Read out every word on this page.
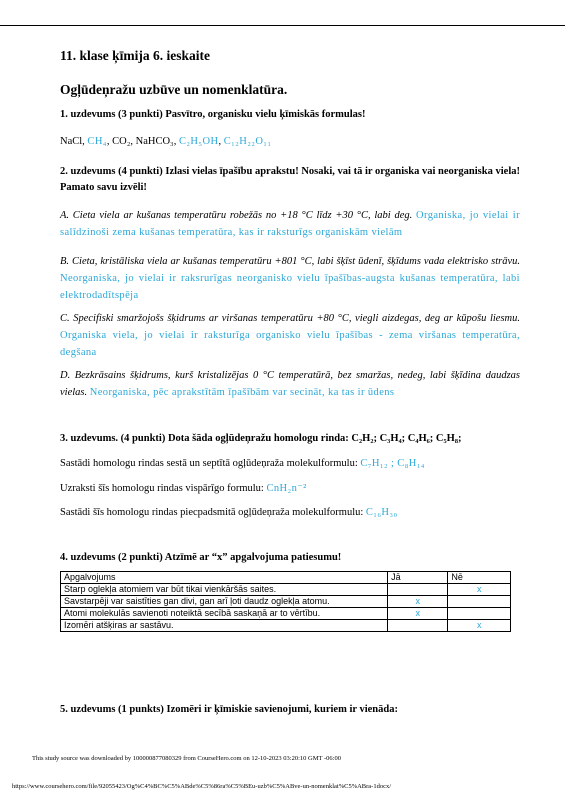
11. klase ķīmija 6. ieskaite
Ogļūdeņražu uzbūve un nomenklatūra.
1. uzdevums (3 punkti) Pasvītro, organisku vielu ķīmiskās formulas!
NaCl, CH₄, CO₂, NaHCO₃, C₂H₅OH, C₁₂H₂₂O₁₁
2. uzdevums (4 punkti) Izlasi vielas īpašību aprakstu! Nosaki, vai tā ir organiska vai neorganiska viela! Pamato savu izvēli!
A. Cieta viela ar kušanas temperatūru robežās no +18 °C līdz +30 °C, labi deg. Organiska, jo vielai ir salīdzinoši zema kušanas temperatūra, kas ir raksturīgs organiskām vielām
B. Cieta, kristāliska viela ar kušanas temperatūru +801 °C, labi šķīst ūdenī, šķīdums vada elektrisko strāvu. Neorganiska, jo vielai ir raksrurīgas neorganisko vielu īpašības-augsta kušanas temperatūra, labi elektrodadītspēja
C. Specifiski smaržojošs šķidrums ar viršanas temperatūru +80 °C, viegli aizdegas, deg ar kūpošu liesmu. Organiska viela, jo vielai ir raksturīga organisko vielu īpašības - zema viršanas temperatūra, degšana
D. Bezkrāsains šķidrums, kurš kristalizējas 0 °C temperatūrā, bez smaržas, nedeg, labi šķīdina daudzas vielas. Neorganiska, pēc aprakstītām īpašībām var secināt, ka tas ir ūdens
3. uzdevums. (4 punkti) Dota šāda ogļūdeņražu homologu rinda: C₂H₂; C₃H₄; C₄H₆; C₅H₈;
Sastādi homologu rindas sestā un septītā ogļūdeņraža molekulformulu: C₇H₁₂ ; C₈H₁₄
Uzraksti šīs homologu rindas vispārīgo formulu: CnH₂n⁻²
Sastādi šīs homologu rindas piecpadsmitā ogļūdeņraža molekulformulu: C₁₆H₃₀
4. uzdevums (2 punkti) Atzīmē ar “x” apgalvojuma patiesumu!
Apgalvojums	Jā	Nē
Starp oglekļa atomiem var būt tikai vienkāršās saites.		x
Savstarpēji var saistīties gan divi, gan arī ļoti daudz oglekļa atomu.	x	
Atomi molekulās savienoti noteiktā secībā saskaņā ar to vērtību.	x	
Izomēri atšķiras ar sastāvu.		x
5. uzdevums (1 punkts) Izomēri ir ķīmiskie savienojumi, kuriem ir vienāda:
This study source was downloaded by 100000877080329 from CourseHero.com on 12-10-2023 03:20:10 GMT -06:00
https://www.coursehero.com/file/92055423/Og%C4%BC%C5%ABde%C5%86ra%C5%BEu-uzb%C5%ABve-un-nomenklat%C5%ABra-1docx/
